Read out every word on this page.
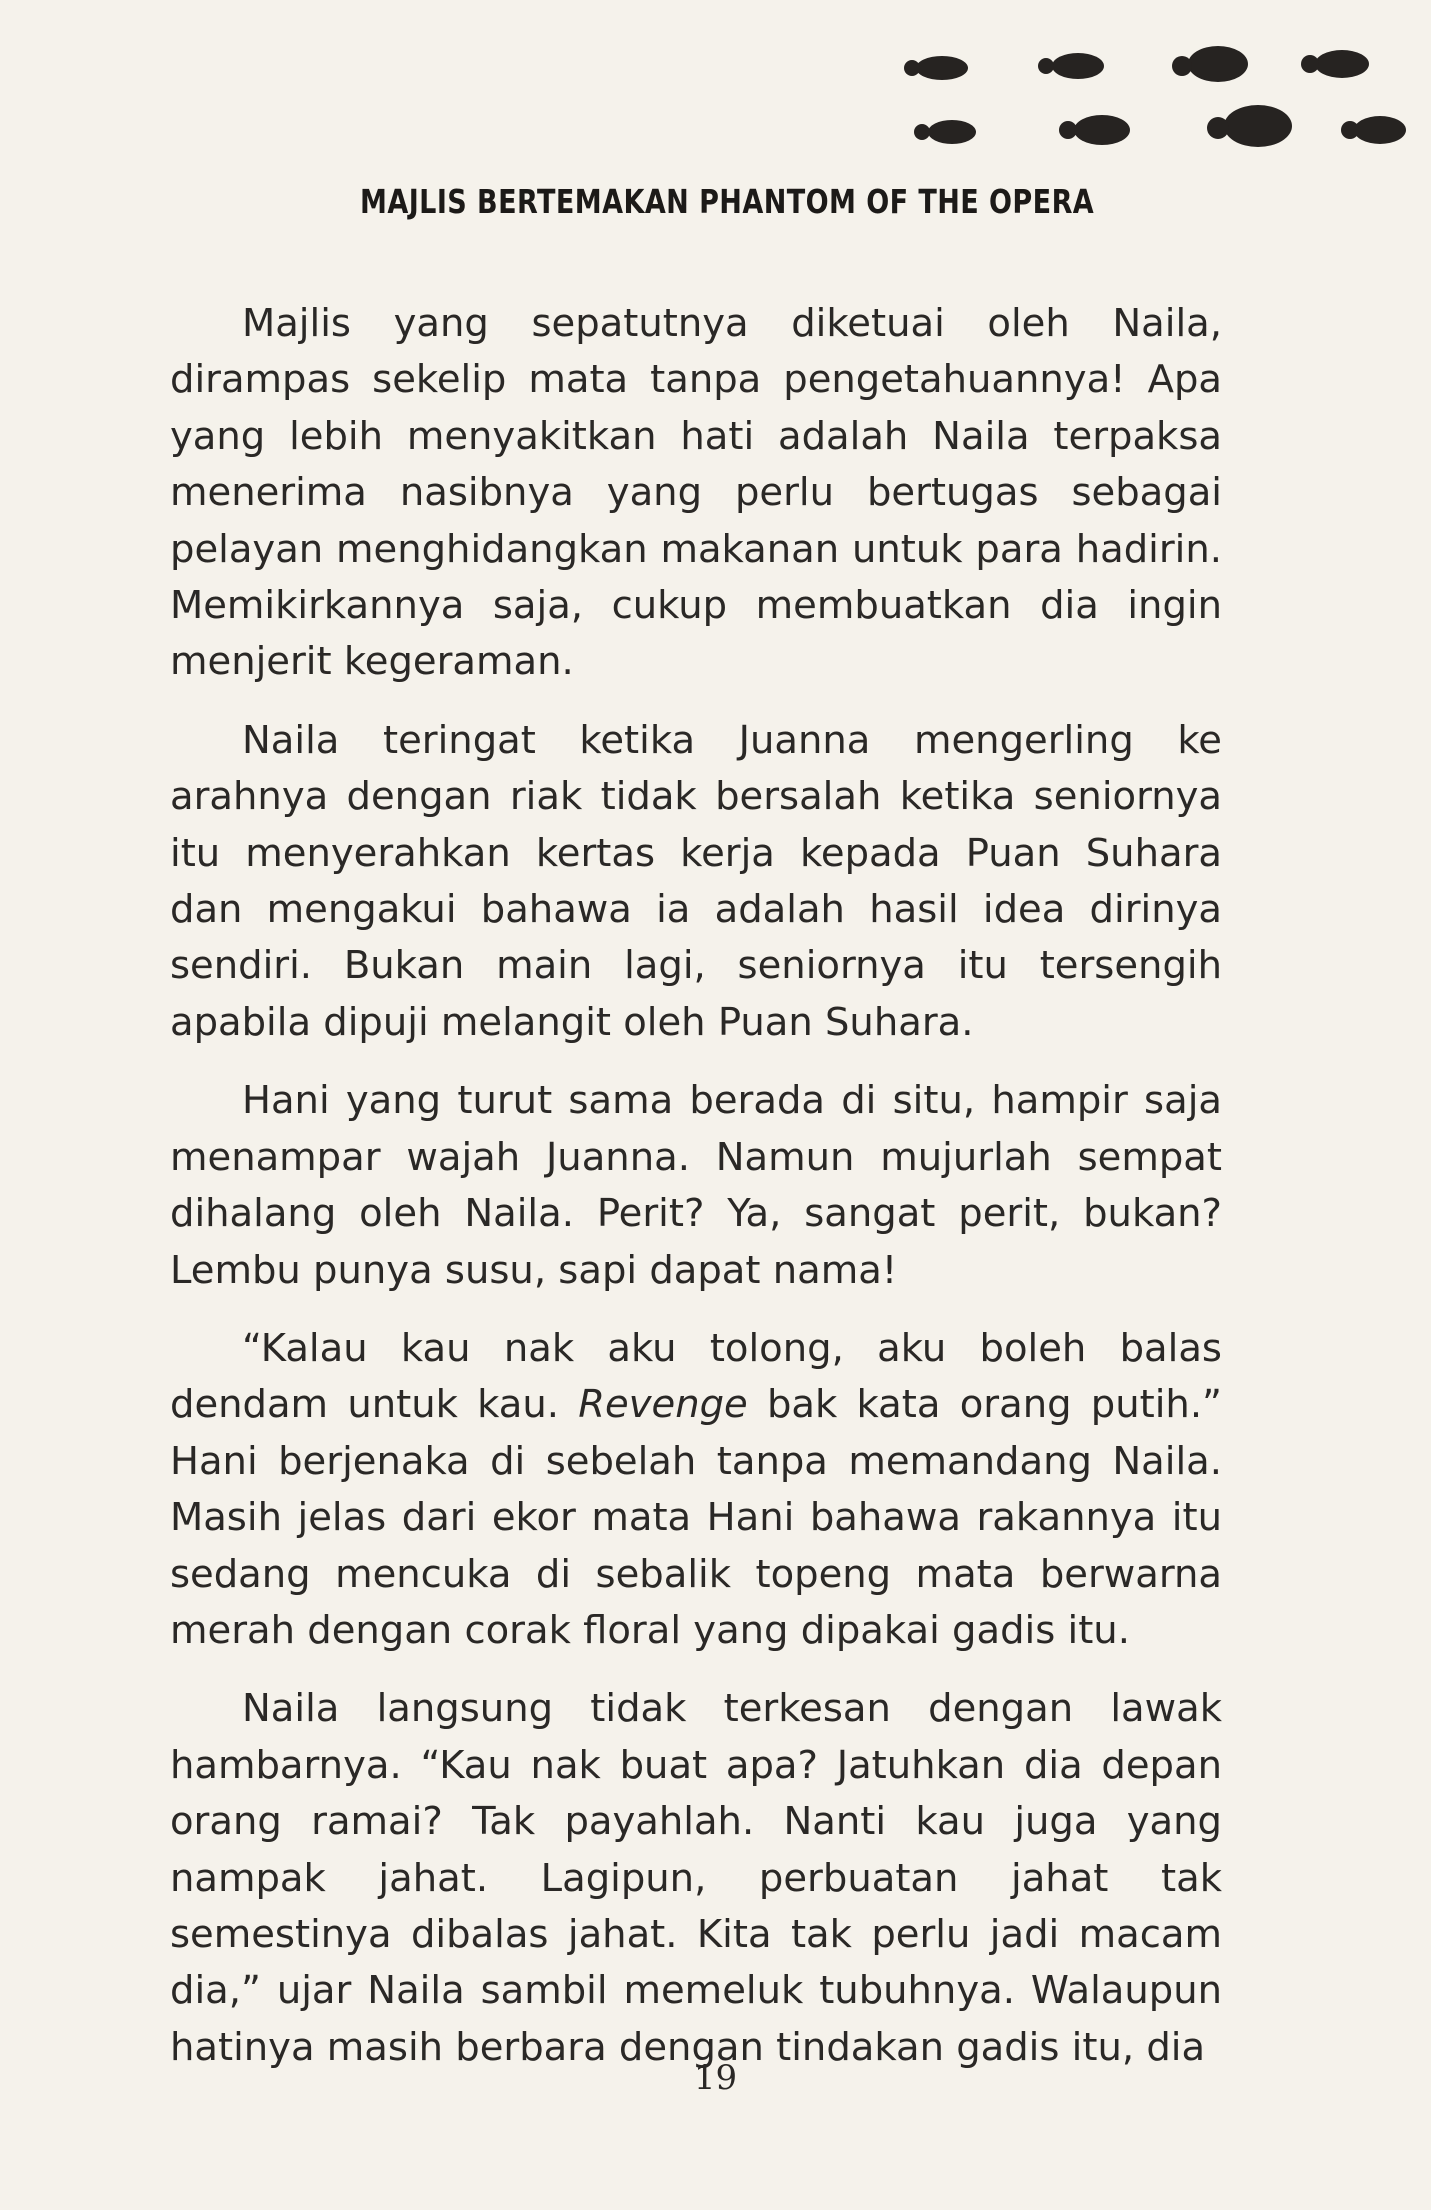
MAJLIS BERTEMAKAN PHANTOM OF THE OPERA

Majlis yang sepatutnya diketuai oleh Naila, dirampas sekelip mata tanpa pengetahuannya! Apa yang lebih menyakitkan hati adalah Naila terpaksa menerima nasibnya yang perlu bertugas sebagai pelayan menghidangkan makanan untuk para hadirin. Memikirkannya saja, cukup membuatkan dia ingin menjerit kegeraman.

Naila teringat ketika Juanna mengerling ke arahnya dengan riak tidak bersalah ketika seniornya itu menyerahkan kertas kerja kepada Puan Suhara dan mengakui bahawa ia adalah hasil idea dirinya sendiri. Bukan main lagi, seniornya itu tersengih apabila dipuji melangit oleh Puan Suhara.

Hani yang turut sama berada di situ, hampir saja menampar wajah Juanna. Namun mujurlah sempat dihalang oleh Naila. Perit? Ya, sangat perit, bukan? Lembu punya susu, sapi dapat nama!

“Kalau kau nak aku tolong, aku boleh balas dendam untuk kau. Revenge bak kata orang putih.” Hani berjenaka di sebelah tanpa memandang Naila. Masih jelas dari ekor mata Hani bahawa rakannya itu sedang mencuka di sebalik topeng mata berwarna merah dengan corak floral yang dipakai gadis itu.

Naila langsung tidak terkesan dengan lawak hambarnya. “Kau nak buat apa? Jatuhkan dia depan orang ramai? Tak payahlah. Nanti kau juga yang nampak jahat. Lagipun, perbuatan jahat tak semestinya dibalas jahat. Kita tak perlu jadi macam dia,” ujar Naila sambil memeluk tubuhnya. Walaupun hatinya masih berbara dengan tindakan gadis itu, dia

19
